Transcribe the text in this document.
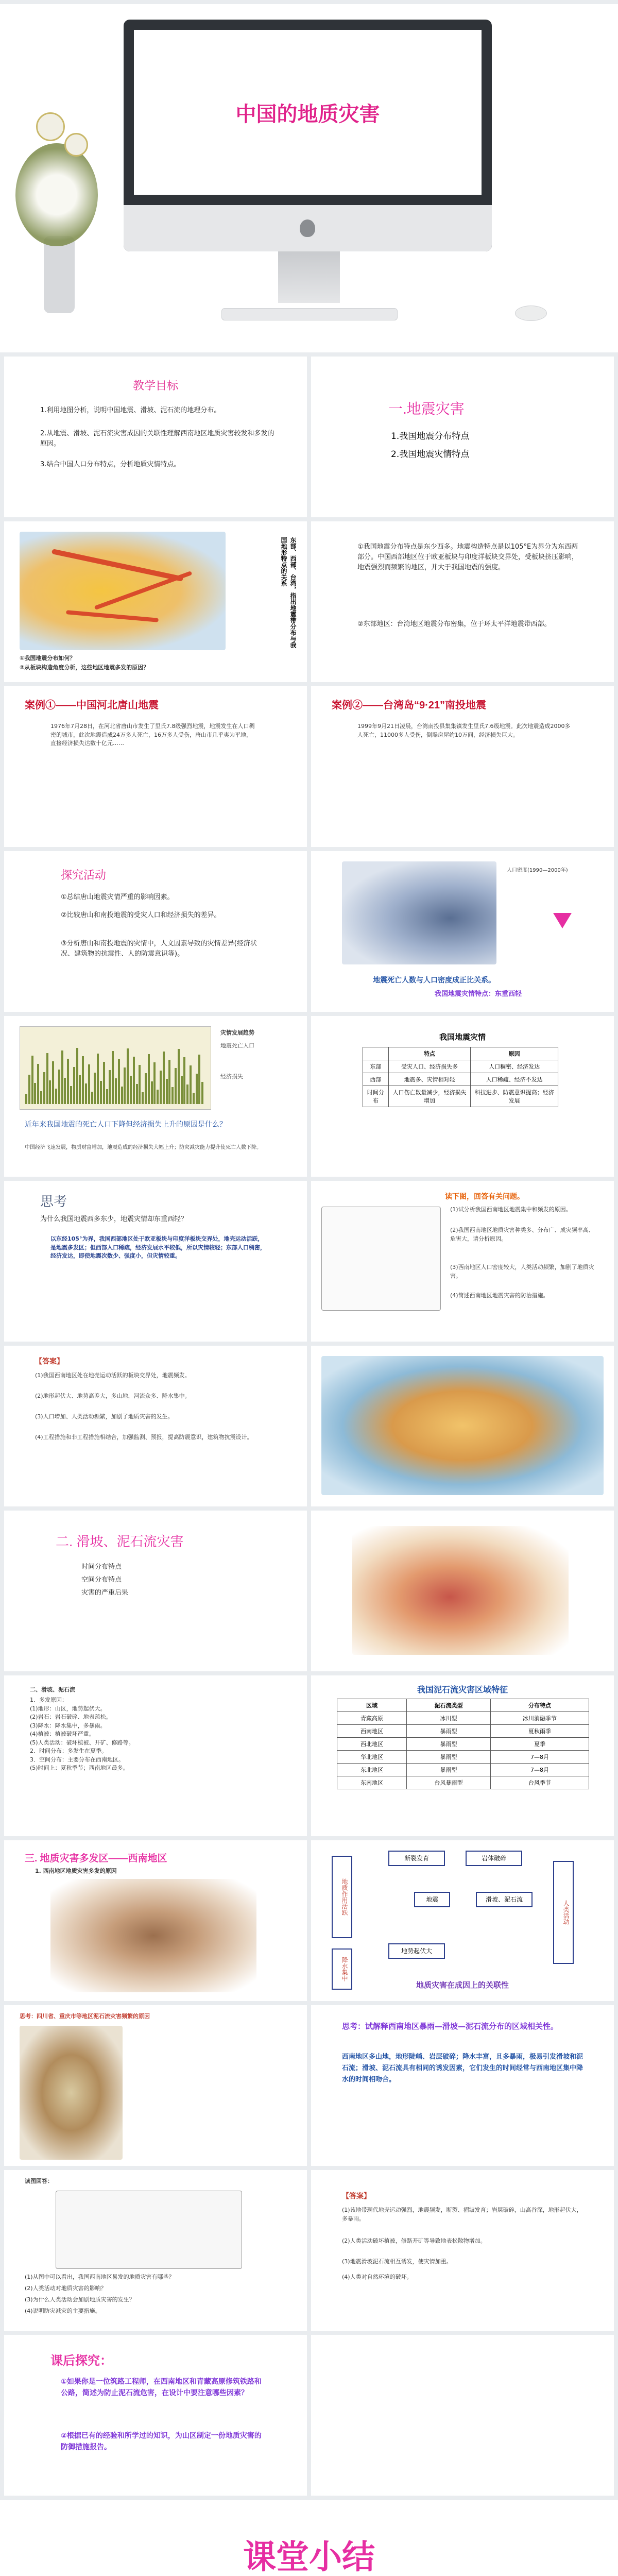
中国的地质灾害
教学目标
1.利用地图分析，说明中国地震、滑坡、泥石流的地理分布。
2.从地震、滑坡、泥石流灾害成因的关联性理解西南地区地质灾害较发和多发的原因。
3.结合中国人口分布特点，分析地质灾情特点。
一.地震灾害
1.我国地震分布特点
2.我国地震灾情特点
东部、西部、台湾，指出地震带分布与我国地形特点的关系
①我国地震分布如何？
②从板块构造角度分析，这些地区地震多发的原因？
①我国地震分布特点是东少西多。地震构造特点是以105°E为界分为东西两部分。中国西部地区位于欧亚板块与印度洋板块交界处，受板块挤压影响，地震强烈而频繁的地区，并大于我国地震的强度。
②东部地区：台湾地区地震分布密集，位于环太平洋地震带西部。
案例①——中国河北唐山地震
1976年7月28日，在河北省唐山市发生了里氏7.8级强烈地震，地震发生在人口稠密的城市，此次地震造成24万多人死亡，16万多人受伤，唐山市几乎夷为平地，直接经济损失达数十亿元……
案例②——台湾岛“9·21”南投地震
1999年9月21日凌晨，台湾南投县集集镇发生里氏7.6级地震。此次地震造成2000多人死亡，11000多人受伤，倒塌房屋约10万间，经济损失巨大。
探究活动
①总结唐山地震灾情严重的影响因素。
②比较唐山和南投地震的受灾人口和经济损失的差异。
③分析唐山和南投地震的灾情中，人文因素导致的灾情差异(经济状况、建筑物的抗震性、人的防震意识等)。
人口密度(1990—2000年)
地震死亡人数与人口密度成正比关系。
我国地震灾情特点：东重西轻
灾情发展趋势
地震死亡人口
经济损失
近年来我国地震的死亡人口下降但经济损失上升的原因是什么？
中国经济飞速发展，物质财富增加，地震造成的经济损失大幅上升；防灾减灾能力提升使死亡人数下降。
我国地震灾情
	特点	原因
东部	受灾人口、经济损失多	人口稠密、经济发达
西部	地震多、灾情相对轻	人口稀疏、经济不发达
时间分布	人口伤亡数量减少，经济损失增加	科技进步、防震意识提高；经济发展
思考
为什么我国地震西多东少，地震灾情却东重西轻？
以东经105°为界，我国西部地区处于欧亚板块与印度洋板块交界处，地壳运动活跃，是地震多发区；但西部人口稀疏，经济发展水平较低，所以灾情较轻；东部人口稠密，经济发达，即使地震次数少、强度小，但灾情较重。
读下图，回答有关问题。
(1)试分析我国西南地区地震集中和频发的原因。
(2)我国西南地区地质灾害种类多、分布广、成灾频率高、危害大，请分析原因。
(3)西南地区人口密度较大，人类活动频繁，加剧了地质灾害。
(4)简述西南地区地震灾害的防治措施。
【答案】
(1)我国西南地区处在地壳运动活跃的板块交界处，地震频发。
(2)地形起伏大、地势高差大，多山地，河流众多、降水集中。
(3)人口增加、人类活动频繁，加剧了地质灾害的发生。
(4)工程措施和非工程措施相结合，加强监测、预报，提高防震意识，建筑物抗震设计。
二. 滑坡、泥石流灾害
时间分布特点
空间分布特点
灾害的严重后果
二、滑坡、泥石流
1．多发原因：
(1)地形：山区，地势起伏大。
(2)岩石：岩石破碎、地表疏松。
(3)降水：降水集中，多暴雨。
(4)植被：植被破坏严重。
(5)人类活动：破坏植被、开矿、修路等。
2．时间分布：多发生在夏季。
3．空间分布：主要分布在西南地区。
(5)时间上：夏秋季节；西南地区最多。
我国泥石流灾害区域特征
区域	泥石流类型	分布特点
青藏高原	冰川型	冰川消融季节
西南地区	暴雨型	夏秋雨季
西北地区	暴雨型	夏季
华北地区	暴雨型	7—8月
东北地区	暴雨型	7—8月
东南地区	台风暴雨型	台风季节
三. 地质灾害多发区——西南地区
1. 西南地区地质灾害多发的原因
地质作用活跃
断裂发育	岩体破碎
降水集中
地势起伏大
地震	滑坡、泥石流
人类活动
地质灾害在成因上的关联性
思考：四川省、重庆市等地区泥石流灾害频繁的原因
思考：试解释西南地区暴雨—滑坡—泥石流分布的区域相关性。
西南地区多山地，地形陡峭、岩层破碎；降水丰富，且多暴雨，极易引发滑坡和泥石流；滑坡、泥石流具有相同的诱发因素，它们发生的时间经常与西南地区集中降水的时间相吻合。
读图回答：
(1)从图中可以看出，我国西南地区易发的地质灾害有哪些？
(2)人类活动对地质灾害的影响？
(3)为什么人类活动会加剧地质灾害的发生？
(4)说明防灾减灾的主要措施。
【答案】
(1)该地带现代地壳运动强烈，地震频发，断裂、褶皱发育；岩层破碎，山高谷深，地形起伏大，多暴雨。
(2)人类活动破坏植被，修路开矿等导致地表松散物增加。
(3)地震滑坡泥石流相互诱发，使灾情加重。
(4)人类对自然环境的破坏。
课后探究：
①如果你是一位筑路工程师，在西南地区和青藏高原修筑铁路和公路，简述为防止泥石流危害，在设计中要注意哪些因素？
②根据已有的经验和所学过的知识，为山区制定一份地质灾害的防御措施报告。
课堂小结
